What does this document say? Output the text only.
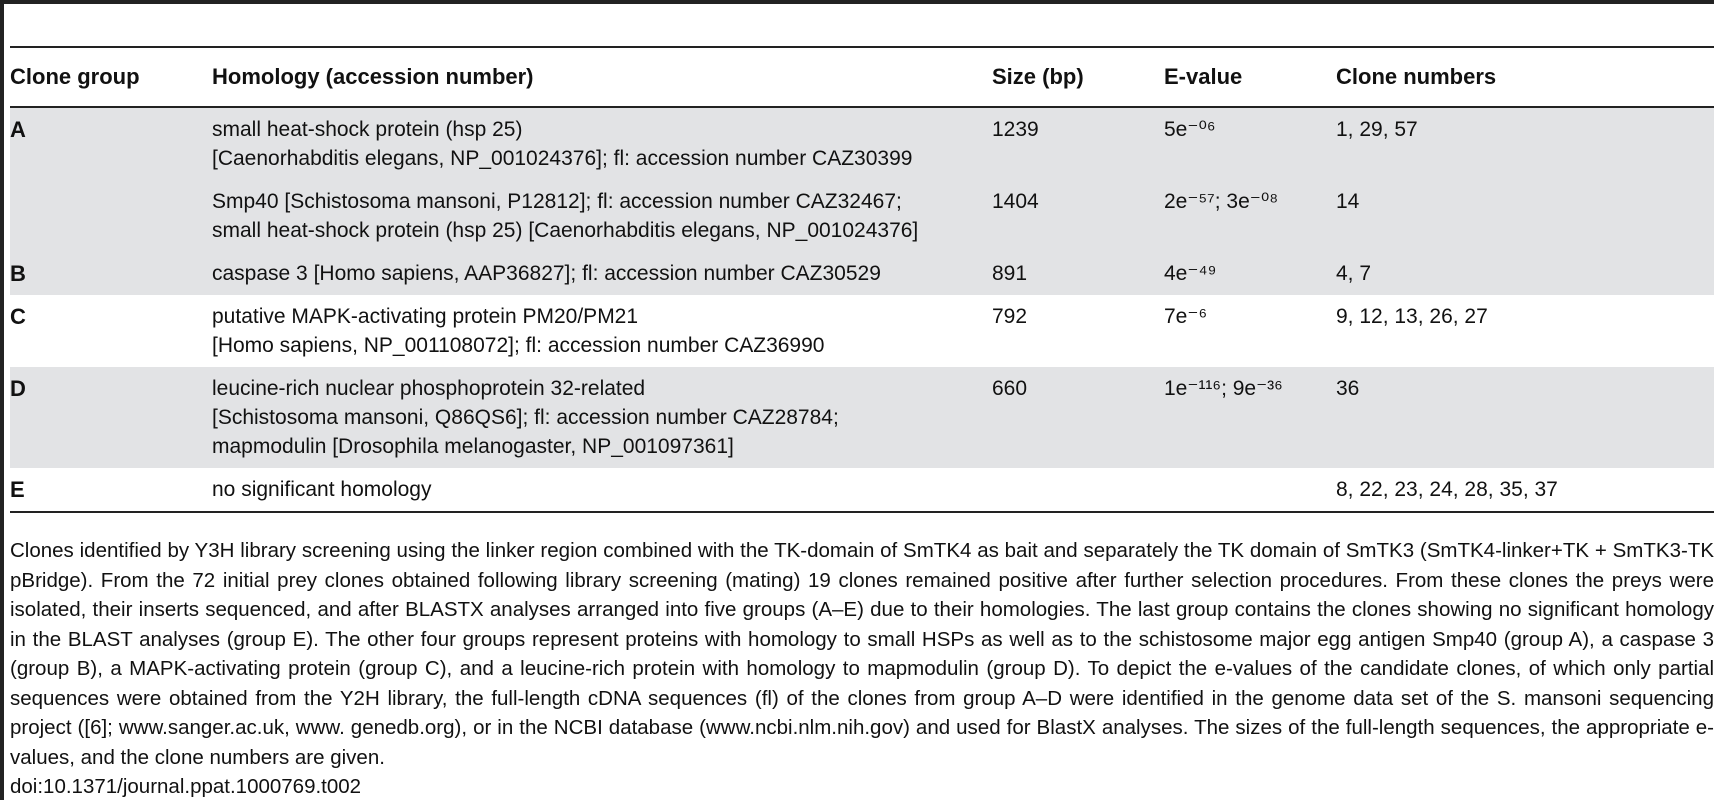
Clone group	Homology (accession number)	Size (bp)	E-value	Clone numbers
A	small heat-shock protein (hsp 25)
[Caenorhabditis elegans, NP_001024376]; fl: accession number CAZ30399	1239	5e⁻⁰⁶	1, 29, 57

	Smp40 [Schistosoma mansoni, P12812]; fl: accession number CAZ32467;
small heat-shock protein (hsp 25) [Caenorhabditis elegans, NP_001024376]	1404	2e⁻⁵⁷; 3e⁻⁰⁸	14
B	caspase 3 [Homo sapiens, AAP36827]; fl: accession number CAZ30529	891	4e⁻⁴⁹	4, 7
C	putative MAPK-activating protein PM20/PM21
[Homo sapiens, NP_001108072]; fl: accession number CAZ36990	792	7e⁻⁶	9, 12, 13, 26, 27
D	leucine-rich nuclear phosphoprotein 32-related
[Schistosoma mansoni, Q86QS6]; fl: accession number CAZ28784;
mapmodulin [Drosophila melanogaster, NP_001097361]	660	1e⁻¹¹⁶; 9e⁻³⁶	36
E	no significant homology			8, 22, 23, 24, 28, 35, 37

Clones identified by Y3H library screening using the linker region combined with the TK-domain of SmTK4 as bait and separately the TK domain of SmTK3 (SmTK4-linker+TK + SmTK3-TK pBridge). From the 72 initial prey clones obtained following library screening (mating) 19 clones remained positive after further selection procedures. From these clones the preys were isolated, their inserts sequenced, and after BLASTX analyses arranged into five groups (A–E) due to their homologies. The last group contains the clones showing no significant homology in the BLAST analyses (group E). The other four groups represent proteins with homology to small HSPs as well as to the schistosome major egg antigen Smp40 (group A), a caspase 3 (group B), a MAPK-activating protein (group C), and a leucine-rich protein with homology to mapmodulin (group D). To depict the e-values of the candidate clones, of which only partial sequences were obtained from the Y2H library, the full-length cDNA sequences (fl) of the clones from group A–D were identified in the genome data set of the S. mansoni sequencing project ([6]; www.sanger.ac.uk, www. genedb.org), or in the NCBI database (www.ncbi.nlm.nih.gov) and used for BlastX analyses. The sizes of the full-length sequences, the appropriate e-values, and the clone numbers are given.

doi:10.1371/journal.ppat.1000769.t002
